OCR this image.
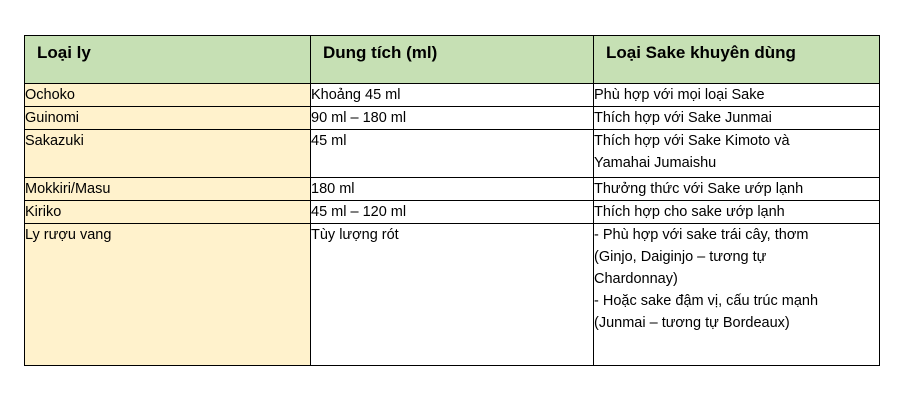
Loại ly	Dung tích (ml)	Loại Sake khuyên dùng
Ochoko	Khoảng 45 ml	Phù hợp với mọi loại Sake

Guinomi	90 ml – 180 ml	Thích hợp với Sake Junmai

Sakazuki	45 ml	Thích hợp với Sake Kimoto và
Yamahai Jumaishu

Mokkiri/Masu	180 ml	Thưởng thức với Sake ướp lạnh

Kiriko	45 ml – 120 ml	Thích hợp cho sake ướp lạnh

Ly rượu vang	Tùy lượng rót	- Phù hợp với sake trái cây, thơm
(Ginjo, Daiginjo – tương tự
Chardonnay)
- Hoặc sake đậm vị, cấu trúc mạnh
(Junmai – tương tự Bordeaux)
